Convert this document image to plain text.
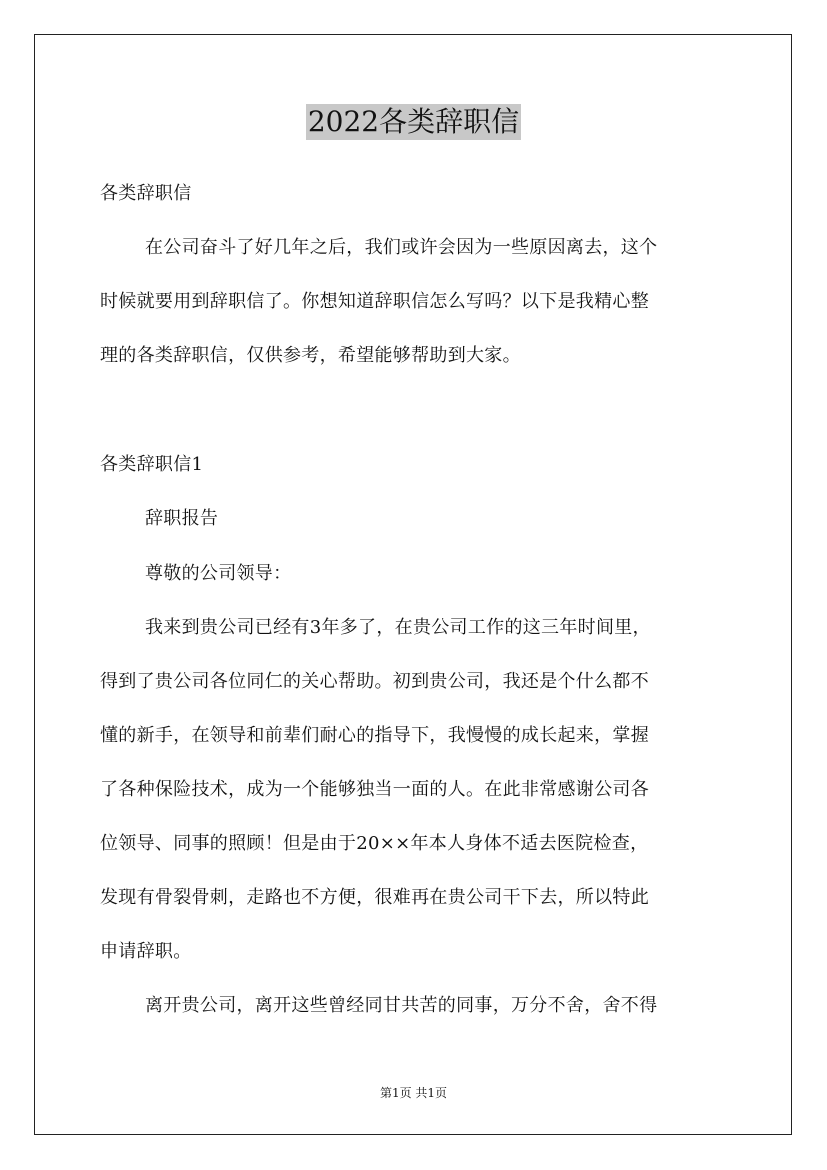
2022各类辞职信
各类辞职信
在公司奋斗了好几年之后，我们或许会因为一些原因离去，这个
时候就要用到辞职信了。你想知道辞职信怎么写吗？以下是我精心整
理的各类辞职信，仅供参考，希望能够帮助到大家。
各类辞职信1
辞职报告
尊敬的公司领导：
我来到贵公司已经有3年多了，在贵公司工作的这三年时间里，
得到了贵公司各位同仁的关心帮助。初到贵公司，我还是个什么都不
懂的新手，在领导和前辈们耐心的指导下，我慢慢的成长起来，掌握
了各种保险技术，成为一个能够独当一面的人。在此非常感谢公司各
位领导、同事的照顾！但是由于20××年本人身体不适去医院检查，
发现有骨裂骨刺，走路也不方便，很难再在贵公司干下去，所以特此
申请辞职。
离开贵公司，离开这些曾经同甘共苦的同事，万分不舍，舍不得
第1页 共1页
